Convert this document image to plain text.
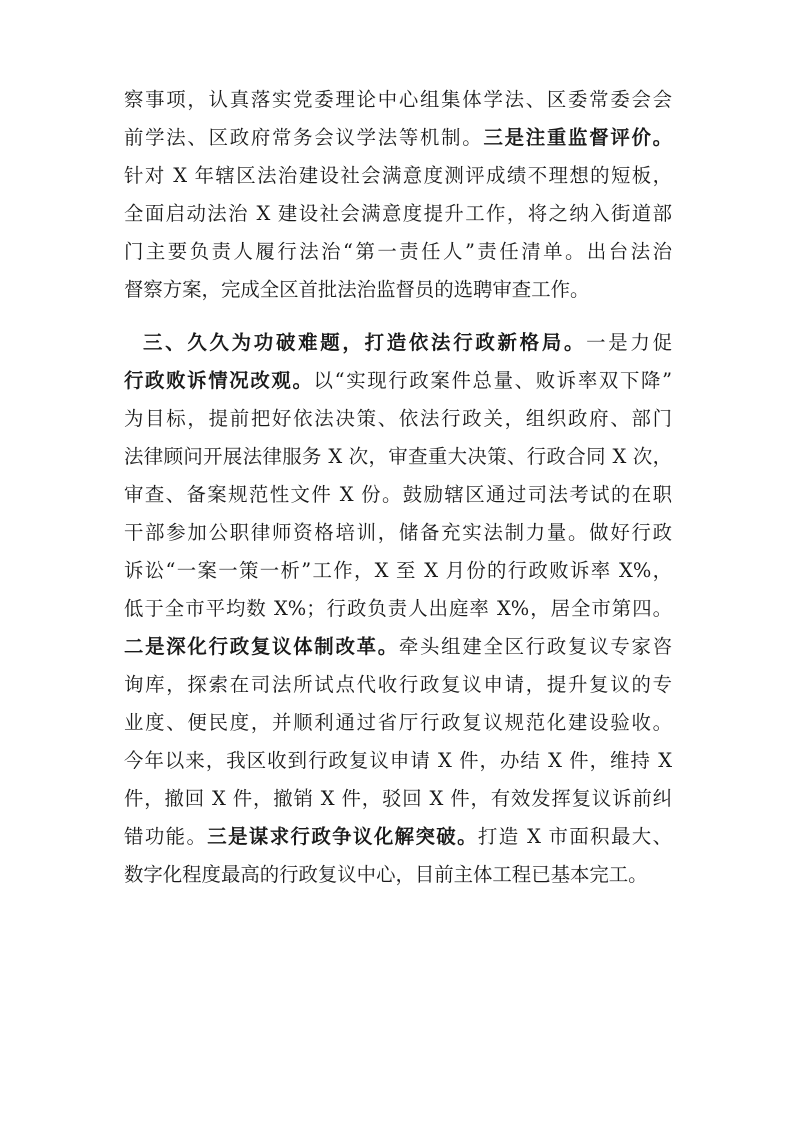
察事项，认真落实党委理论中心组集体学法、区委常委会会
前学法、区政府常务会议学法等机制。三是注重监督评价。
针对 X 年辖区法治建设社会满意度测评成绩不理想的短板，
全面启动法治 X 建设社会满意度提升工作，将之纳入街道部
门主要负责人履行法治“第一责任人”责任清单。出台法治
督察方案，完成全区首批法治监督员的选聘审查工作。
三、久久为功破难题，打造依法行政新格局。一是力促
行政败诉情况改观。以“实现行政案件总量、败诉率双下降”
为目标，提前把好依法决策、依法行政关，组织政府、部门
法律顾问开展法律服务 X 次，审查重大决策、行政合同 X 次，
审查、备案规范性文件 X 份。鼓励辖区通过司法考试的在职
干部参加公职律师资格培训，储备充实法制力量。做好行政
诉讼“一案一策一析”工作，X 至 X 月份的行政败诉率 X%，
低于全市平均数 X%；行政负责人出庭率 X%，居全市第四。
二是深化行政复议体制改革。牵头组建全区行政复议专家咨
询库，探索在司法所试点代收行政复议申请，提升复议的专
业度、便民度，并顺利通过省厅行政复议规范化建设验收。
今年以来，我区收到行政复议申请 X 件，办结 X 件，维持 X
件，撤回 X 件，撤销 X 件，驳回 X 件，有效发挥复议诉前纠
错功能。三是谋求行政争议化解突破。打造 X 市面积最大、
数字化程度最高的行政复议中心，目前主体工程已基本完工。
